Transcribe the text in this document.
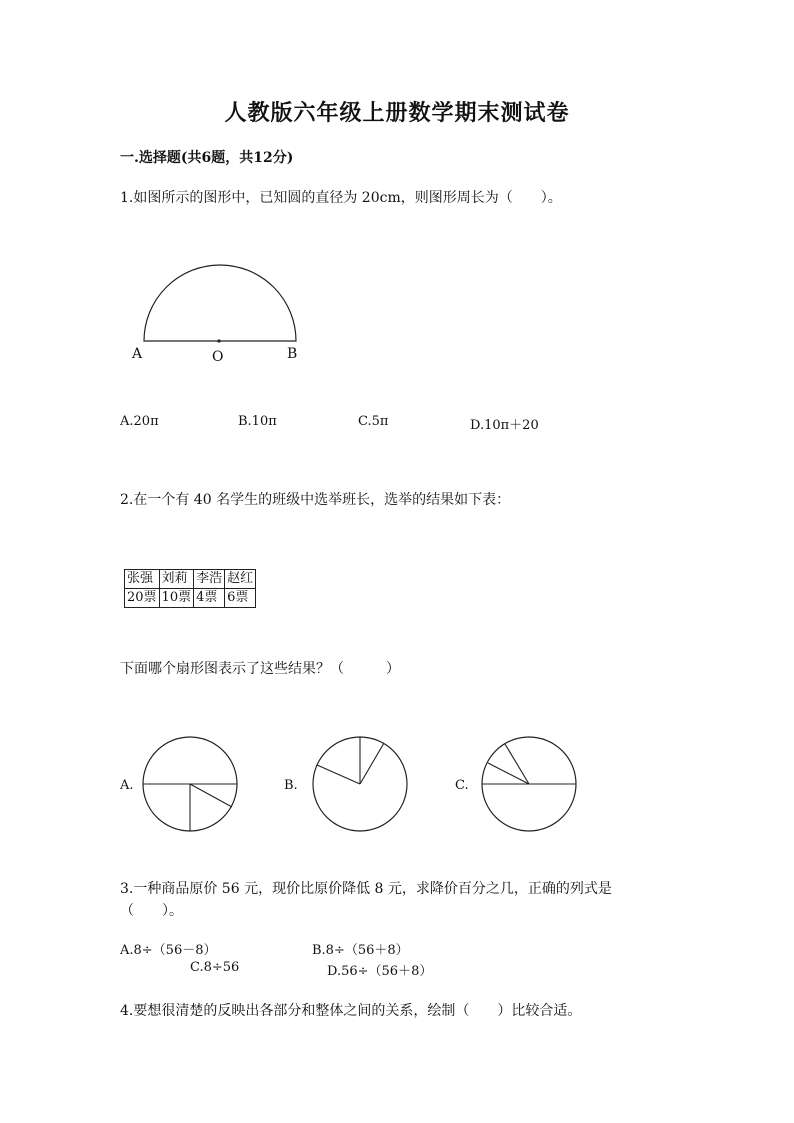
人教版六年级上册数学期末测试卷
一.选择题(共6题，共12分)
1.如图所示的图形中，已知圆的直径为 20cm，则图形周长为（　　）。
A	O	B
A.20π	B.10π	C.5π	D.10π＋20
2.在一个有 40 名学生的班级中选举班长，选举的结果如下表：
张强	刘莉	李浩	赵红
20票	10票	4票	6票
下面哪个扇形图表示了这些结果？（　　　）
A.	B.	C.
3.一种商品原价 56 元，现价比原价降低 8 元，求降价百分之几，正确的列式是
（　　）。
A.8÷（56－8）	B.8÷（56＋8）
C.8÷56	D.56÷（56＋8）
4.要想很清楚的反映出各部分和整体之间的关系，绘制（　　）比较合适。
